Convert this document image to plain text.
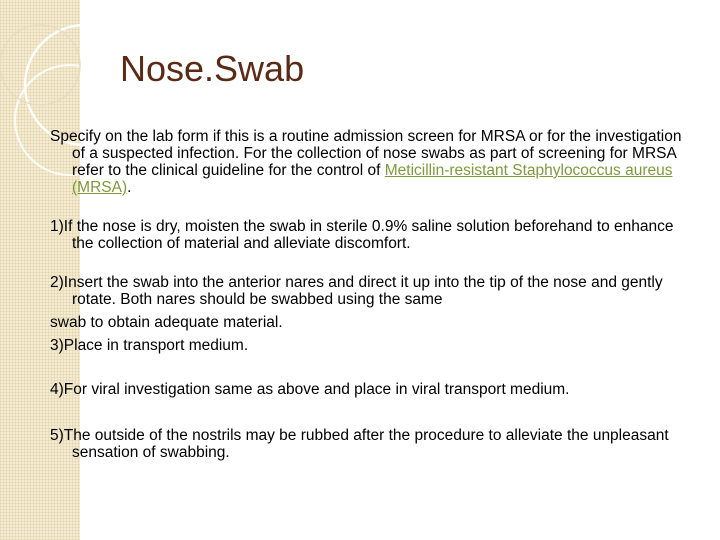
Nose.Swab

Specify on the lab form if this is a routine admission screen for MRSA or for the investigation of a suspected infection. For the collection of nose swabs as part of screening for MRSA refer to the clinical guideline for the control of Meticillin-resistant Staphylococcus aureus (MRSA).

1)If the nose is dry, moisten the swab in sterile 0.9% saline solution beforehand to enhance the collection of material and alleviate discomfort.

2)Insert the swab into the anterior nares and direct it up into the tip of the nose and gently rotate. Both nares should be swabbed using the same

swab to obtain adequate material.

3)Place in transport medium.

4)For viral investigation same as above and place in viral transport medium.

5)The outside of the nostrils may be rubbed after the procedure to alleviate the unpleasant sensation of swabbing.
